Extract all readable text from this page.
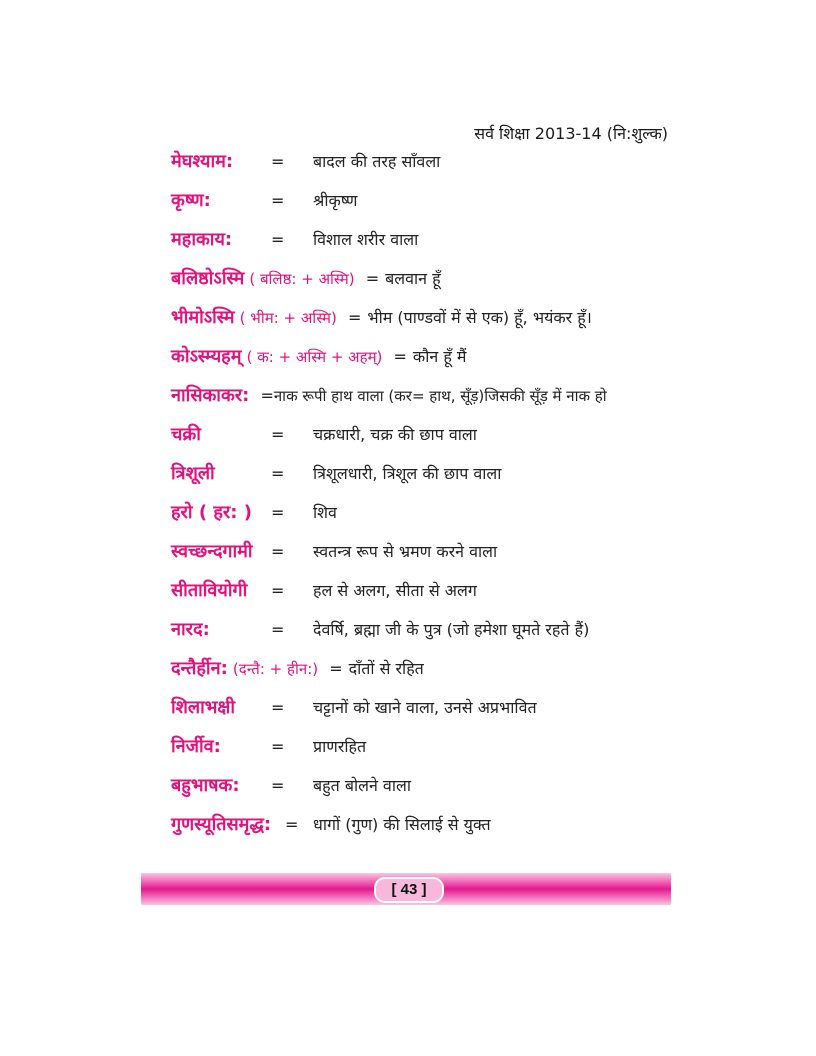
सर्व शिक्षा 2013-14 (नि:शुल्क)
मेघश्याम: = बादल की तरह साँवला
कृष्ण:	= श्रीकृष्ण
महाकाय: = विशाल शरीर वाला
बलिष्ठोऽस्मि ( बलिष्ठ: + अस्मि) = बलवान हूँ
भीमोऽस्मि ( भीम: + अस्मि) = भीम (पाण्डवों में से एक) हूँ, भयंकर हूँ।
कोऽस्म्यहम् ( क: + अस्मि + अहम्) = कौन हूँ मैं
नासिकाकर: =नाक रूपी हाथ वाला (कर= हाथ, सूँड़)जिसकी सूँड़ में नाक हो
चक्री	= चक्रधारी, चक्र की छाप वाला
त्रिशूली	= त्रिशूलधारी, त्रिशूल की छाप वाला
हरो ( हर: ) = शिव
स्वच्छन्दगामी = स्वतन्त्र रूप से भ्रमण करने वाला
सीतावियोगी = हल से अलग, सीता से अलग
नारद:	= देवर्षि, ब्रह्मा जी के पुत्र (जो हमेशा घूमते रहते हैं)
दन्तैर्हीन: (दन्तै: + हीन:) = दाँतों से रहित
शिलाभक्षी = चट्टानों को खाने वाला, उनसे अप्रभावित
निर्जीव:	= प्राणरहित
बहुभाषक: = बहुत बोलने वाला
गुणस्यूतिसमृद्ध: = धागों (गुण) की सिलाई से युक्त
[ 43 ]
